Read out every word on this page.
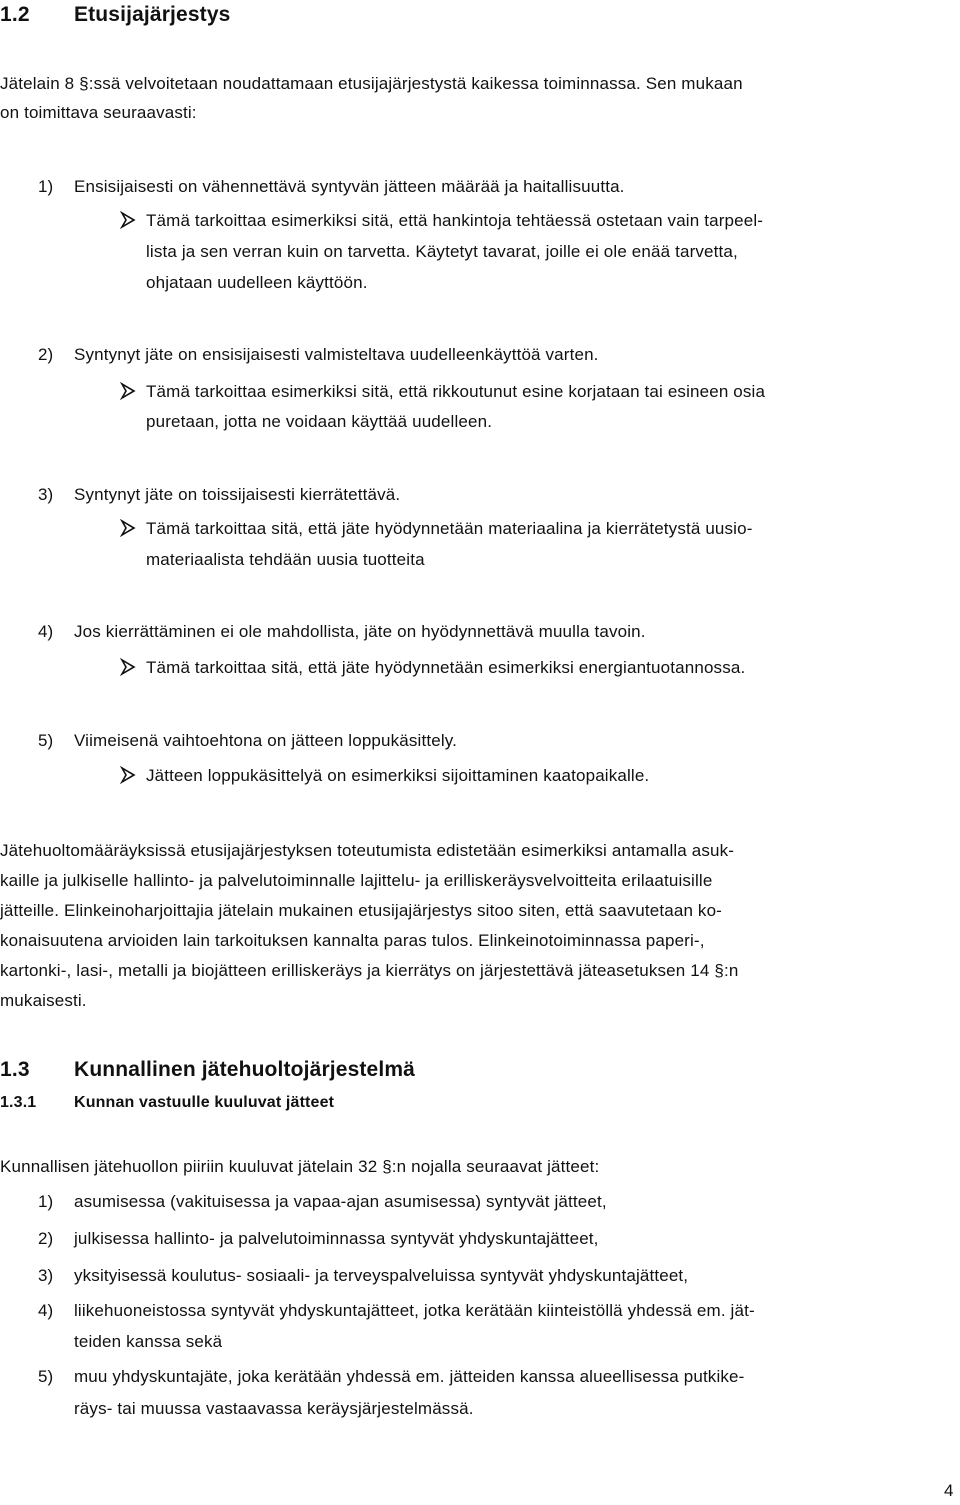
1.2 Etusijajärjestys
Jätelain 8 §:ssä velvoitetaan noudattamaan etusijajärjestystä kaikessa toiminnassa. Sen mukaan
on toimittava seuraavasti:
1) Ensisijaisesti on vähennettävä syntyvän jätteen määrää ja haitallisuutta.
Tämä tarkoittaa esimerkiksi sitä, että hankintoja tehtäessä ostetaan vain tarpeel-
lista ja sen verran kuin on tarvetta. Käytetyt tavarat, joille ei ole enää tarvetta,
ohjataan uudelleen käyttöön.
2) Syntynyt jäte on ensisijaisesti valmisteltava uudelleenkäyttöä varten.
Tämä tarkoittaa esimerkiksi sitä, että rikkoutunut esine korjataan tai esineen osia
puretaan, jotta ne voidaan käyttää uudelleen.
3) Syntynyt jäte on toissijaisesti kierrätettävä.
Tämä tarkoittaa sitä, että jäte hyödynnetään materiaalina ja kierrätetystä uusio-
materiaalista tehdään uusia tuotteita
4) Jos kierrättäminen ei ole mahdollista, jäte on hyödynnettävä muulla tavoin.
Tämä tarkoittaa sitä, että jäte hyödynnetään esimerkiksi energiantuotannossa.
5) Viimeisenä vaihtoehtona on jätteen loppukäsittely.
Jätteen loppukäsittelyä on esimerkiksi sijoittaminen kaatopaikalle.
Jätehuoltomääräyksissä etusijajärjestyksen toteutumista edistetään esimerkiksi antamalla asuk-
kaille ja julkiselle hallinto- ja palvelutoiminnalle lajittelu- ja erilliskeräysvelvoitteita erilaatuisille
jätteille. Elinkeinoharjoittajia jätelain mukainen etusijajärjestys sitoo siten, että saavutetaan ko-
konaisuutena arvioiden lain tarkoituksen kannalta paras tulos. Elinkeinotoiminnassa paperi-,
kartonki-, lasi-, metalli ja biojätteen erilliskeräys ja kierrätys on järjestettävä jäteasetuksen 14 §:n
mukaisesti.
1.3 Kunnallinen jätehuoltojärjestelmä
1.3.1 Kunnan vastuulle kuuluvat jätteet
Kunnallisen jätehuollon piiriin kuuluvat jätelain 32 §:n nojalla seuraavat jätteet:
1) asumisessa (vakituisessa ja vapaa-ajan asumisessa) syntyvät jätteet,
2) julkisessa hallinto- ja palvelutoiminnassa syntyvät yhdyskuntajätteet,
3) yksityisessä koulutus- sosiaali- ja terveyspalveluissa syntyvät yhdyskuntajätteet,
4) liikehuoneistossa syntyvät yhdyskuntajätteet, jotka kerätään kiinteistöllä yhdessä em. jät-
teiden kanssa sekä
5) muu yhdyskuntajäte, joka kerätään yhdessä em. jätteiden kanssa alueellisessa putkike-
räys- tai muussa vastaavassa keräysjärjestelmässä.
4
